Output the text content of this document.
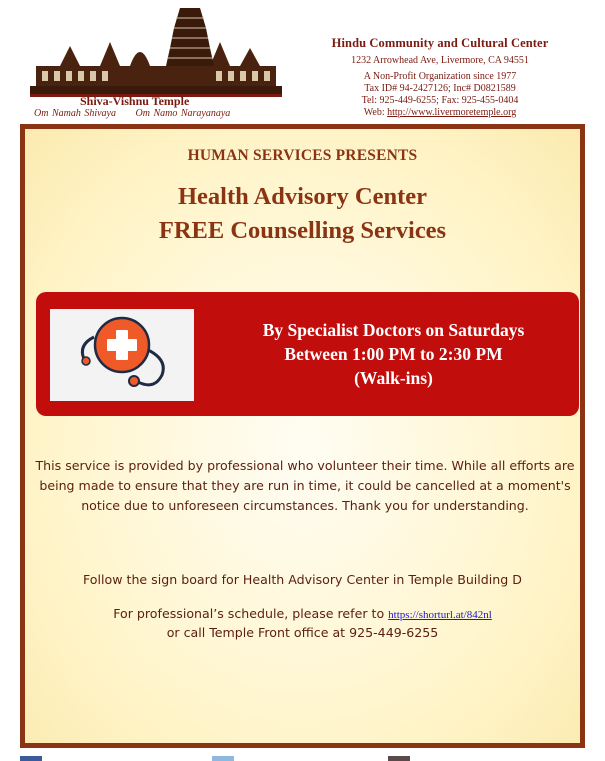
Shiva-Vishnu Temple
Om Namah Shivaya Om Namo Narayanaya
Hindu Community and Cultural Center
1232 Arrowhead Ave, Livermore, CA 94551
A Non-Profit Organization since 1977
Tax ID# 94-2427126; Inc# D0821589
Tel: 925-449-6255; Fax: 925-455-0404
Web: http://www.livermoretemple.org
HUMAN SERVICES PRESENTS
Health Advisory Center
FREE Counselling Services
By Specialist Doctors on Saturdays
Between 1:00 PM to 2:30 PM
(Walk-ins)
This service is provided by professional who volunteer their time. While all efforts are being made to ensure that they are run in time, it could be cancelled at a moment's notice due to unforeseen circumstances. Thank you for understanding.
Follow the sign board for Health Advisory Center in Temple Building D
For professional’s schedule, please refer to https://shorturl.at/842nl
or call Temple Front office at 925-449-6255
